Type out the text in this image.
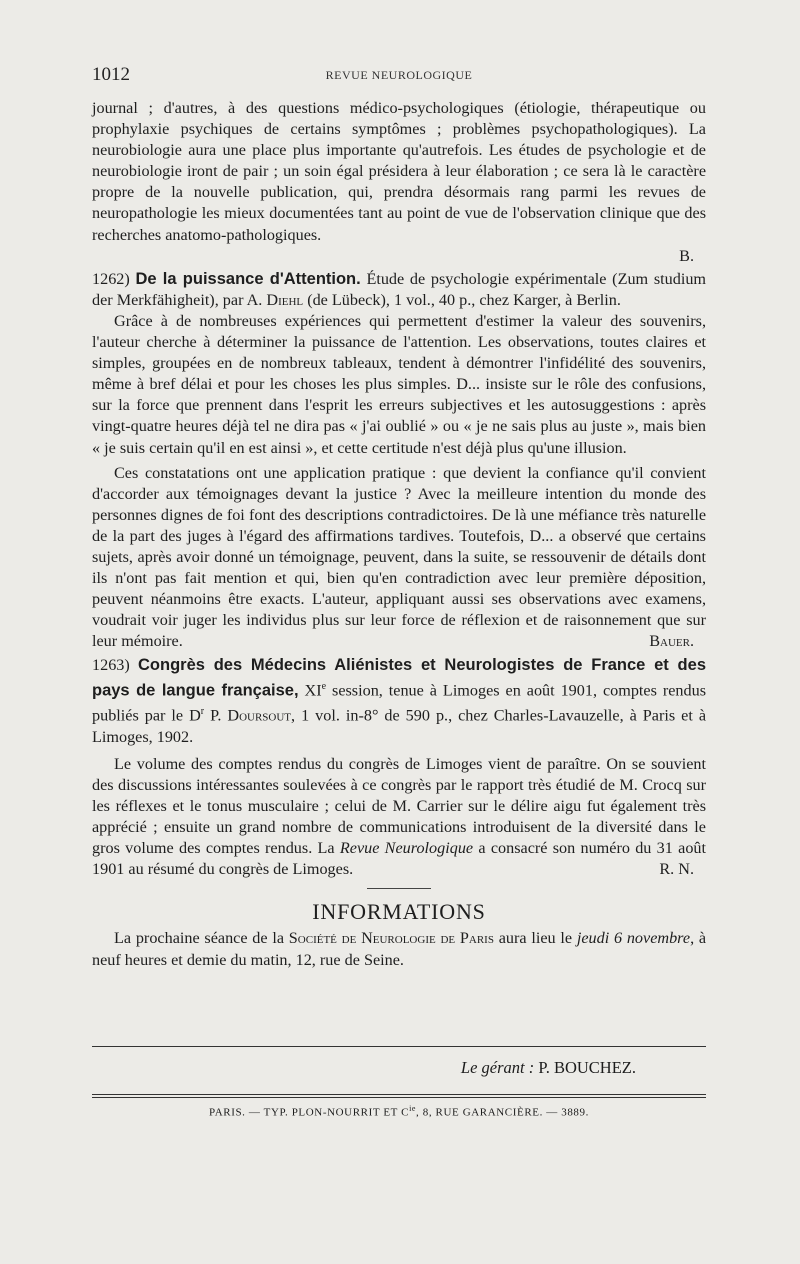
1012	REVUE NEUROLOGIQUE

journal ; d'autres, à des questions médico-psychologiques (étiologie, thérapeutique ou prophylaxie psychiques de certains symptômes ; problèmes psychopathologiques). La neurobiologie aura une place plus importante qu'autrefois. Les études de psychologie et de neurobiologie iront de pair ; un soin égal présidera à leur élaboration ; ce sera là le caractère propre de la nouvelle publication, qui, prendra désormais rang parmi les revues de neuropathologie les mieux documentées tant au point de vue de l'observation clinique que des recherches anatomo-pathologiques.

B.

1262) De la puissance d'Attention. Étude de psychologie expérimentale (Zum studium der Merkfähigheit), par A. Diehl (de Lübeck), 1 vol., 40 p., chez Karger, à Berlin.

Grâce à de nombreuses expériences qui permettent d'estimer la valeur des souvenirs, l'auteur cherche à déterminer la puissance de l'attention. Les observations, toutes claires et simples, groupées en de nombreux tableaux, tendent à démontrer l'infidélité des souvenirs, même à bref délai et pour les choses les plus simples. D... insiste sur le rôle des confusions, sur la force que prennent dans l'esprit les erreurs subjectives et les autosuggestions : après vingt-quatre heures déjà tel ne dira pas « j'ai oublié » ou « je ne sais plus au juste », mais bien « je suis certain qu'il en est ainsi », et cette certitude n'est déjà plus qu'une illusion.

Ces constatations ont une application pratique : que devient la confiance qu'il convient d'accorder aux témoignages devant la justice ? Avec la meilleure intention du monde des personnes dignes de foi font des descriptions contradictoires. De là une méfiance très naturelle de la part des juges à l'égard des affirmations tardives. Toutefois, D... a observé que certains sujets, après avoir donné un témoignage, peuvent, dans la suite, se ressouvenir de détails dont ils n'ont pas fait mention et qui, bien qu'en contradiction avec leur première déposition, peuvent néanmoins être exacts. L'auteur, appliquant aussi ses observations avec examens, voudrait voir juger les individus plus sur leur force de réflexion et de raisonnement que sur leur mémoire.	Bauer.

1263) Congrès des Médecins Aliénistes et Neurologistes de France et des pays de langue française, XIe session, tenue à Limoges en août 1901, comptes rendus publiés par le $D^r$ P. Doursout, 1 vol. in-8° de 590 p., chez Charles-Lavauzelle, à Paris et à Limoges, 1902.

Le volume des comptes rendus du congrès de Limoges vient de paraître. On se souvient des discussions intéressantes soulevées à ce congrès par le rapport très étudié de M. Crocq sur les réflexes et le tonus musculaire ; celui de M. Carrier sur le délire aigu fut également très apprécié ; ensuite un grand nombre de communications introduisent de la diversité dans le gros volume des comptes rendus. La Revue Neurologique a consacré son numéro du 31 août 1901 au résumé du congrès de Limoges.	R. N.

INFORMATIONS

La prochaine séance de la Société de Neurologie de Paris aura lieu le jeudi 6 novembre, à neuf heures et demie du matin, 12, rue de Seine.

Le gérant : P. BOUCHEZ.
PARIS. — TYP. PLON-NOURRIT ET $C^{ie}$, 8, RUE GARANCIÈRE. — 3889.
